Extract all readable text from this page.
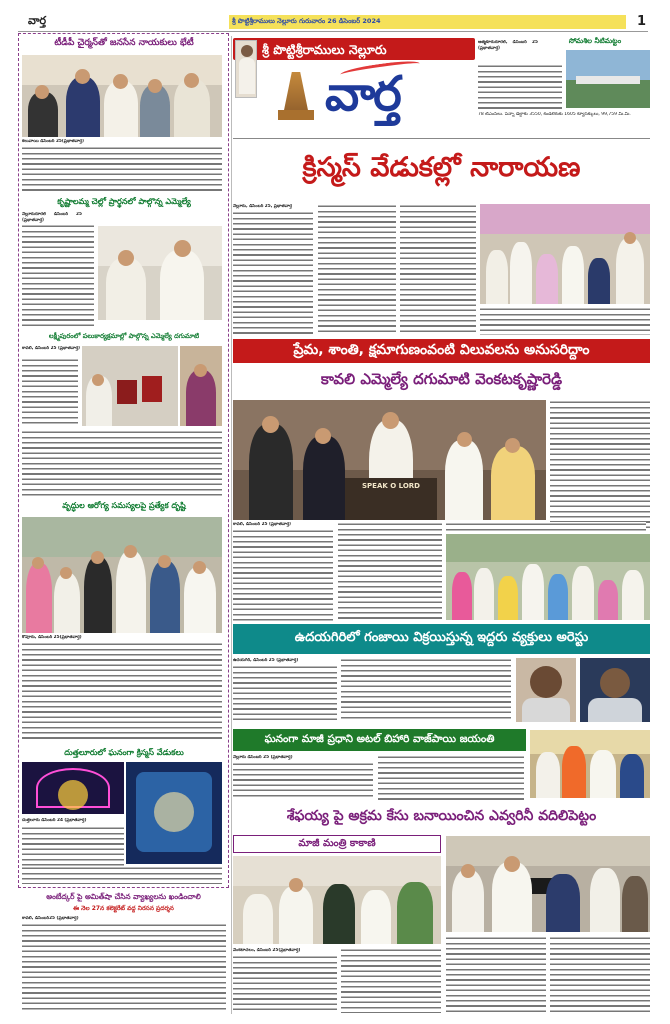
వార్త	శ్రీ పొట్టిశ్రీరాములు నెల్లూరు గురువారం 26 డిసెంబర్ 2024	1
టీడీపీ చైర్మన్‌తో జనసేన నాయకులు భేటీ
కలువాయి డిసెంబర్ 25(ప్రభాతవార్త)
కృష్ణాలమ్మ చెల్లో ప్రార్థనలో పాల్గొన్న ఎమ్మెల్యే
నెల్లూరురూరల్ డిసెంబర్ 25 (ప్రభాతవార్త)
లక్ష్మీపురంలో పలుకార్యక్రమాల్లో పాల్గొన్న ఎమ్మెల్యే దగుమాటి
కావలి, డిసెంబర్ 25 (ప్రభాతవార్త)
వృద్ధుల ఆరోగ్య సమస్యలపై ప్రత్యేక దృష్టి
కోవూరు, డిసెంబర్ 25(ప్రభాతవార్త)
దుత్తలూరులో ఘనంగా క్రిస్మస్ వేడుకలు
దుత్తలూరు డిసెంబర్ 24 (ప్రభాతవార్త)
అంబేద్కర్ పై అమిత్‌షా చేసిన వ్యాఖ్యలను ఖండించాలి
ఈ నెల 27న కలెక్టరేట్ వద్ద నిరసన ప్రదర్శన
కావలి, డిసెంబర్25 (ప్రభాతవార్త)
శ్రీ పొట్టిశ్రీరాములు నెల్లూరు
వార్త
సోమశిల నీటిమట్టం
ఆత్మకూరురూరల్, డిసెంబర్ 25 (ప్రభాతవార్త)
78 టీఎంసీలు. పెన్నా డెల్టాకు 3550, కండలేరుకు 1605 క్యూసెక్కులు, 99,759 మి.మీ.
క్రిస్మస్ వేడుకల్లో నారాయణ
నెల్లూరు, డిసెంబర్ 25, ప్రభాతవార్త
ప్రేమ, శాంతి, క్షమాగుణంవంటి విలువలను అనుసరిద్దాం
కావలి ఎమ్మెల్యే దగుమాటి వెంకటకృష్ణారెడ్డి
SPEAK O LORD
కావలి, డిసెంబర్ 25 (ప్రభాతవార్త)
ఉదయగిరిలో గంజాయి విక్రయిస్తున్న ఇద్దరు వ్యక్తులు అరెస్టు
ఉదయగిరి, డిసెంబర్ 25 (ప్రభాతవార్త)
ఘనంగా మాజీ ప్రధాని అటల్ బిహారి వాజ్‌పాయి జయంతి
నెల్లూరు డిసెంబర్ 25 (ప్రభాతవార్త)
శేఫయ్య పై అక్రమ కేసు బనాయించిన ఎవ్వరినీ వదిలిపెట్టం
మాజీ మంత్రి కాకాణి
వెంకటాచలం, డిసెంబర్ 25(ప్రభాతవార్త)
